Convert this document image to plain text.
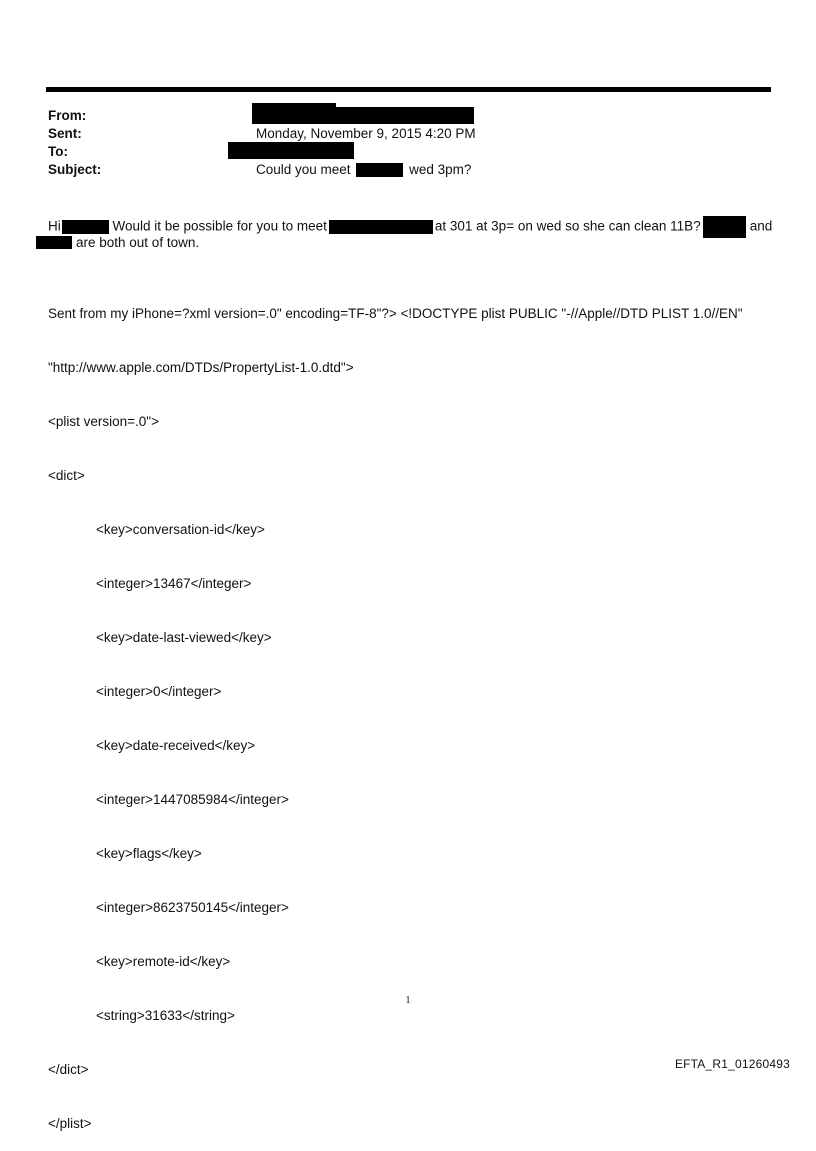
From:
Sent:	Monday, November 9, 2015 4:20 PM
To:
Subject:	Could you meet	wed 3pm?
Hi	Would it be possible for you to meet	at 301 at 3p= on wed so she can clean 11B?	and
are both out of town.

Sent from my iPhone=?xml version=.0" encoding=TF-8"?> <!DOCTYPE plist PUBLIC "-//Apple//DTD PLIST 1.0//EN"

"http://www.apple.com/DTDs/PropertyList-1.0.dtd">

<plist version=.0">

<dict>

<key>conversation-id</key>

<integer>13467</integer>

<key>date-last-viewed</key>

<integer>0</integer>

<key>date-received</key>

<integer>1447085984</integer>

<key>flags</key>

<integer>8623750145</integer>

<key>remote-id</key>

<string>31633</string>

</dict>

</plist>

1
EFTA_R1_01260493
